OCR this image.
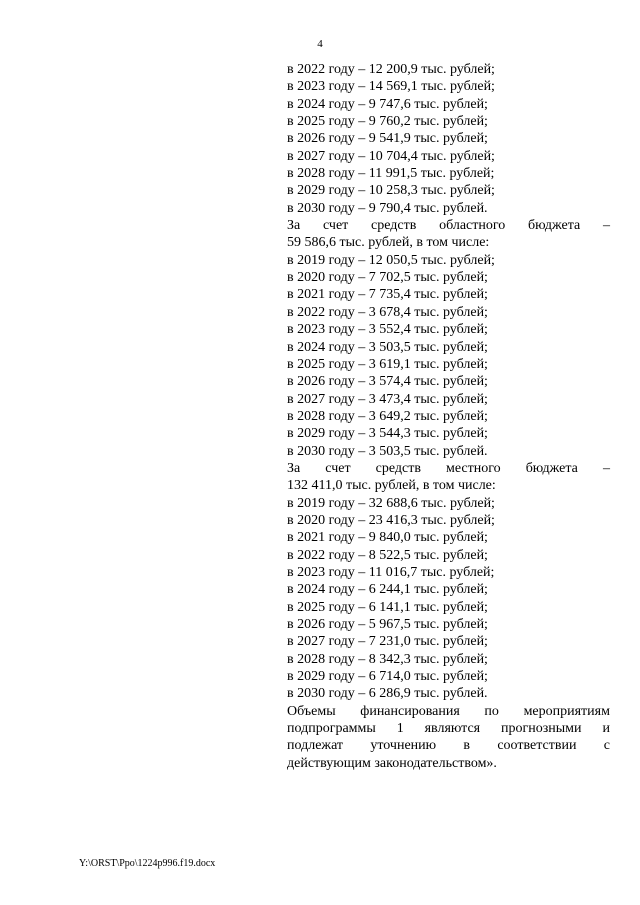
4
в 2022 году – 12 200,9 тыс. рублей;
в 2023 году – 14 569,1 тыс. рублей;
в 2024 году – 9 747,6 тыс. рублей;
в 2025 году – 9 760,2 тыс. рублей;
в 2026 году – 9 541,9 тыс. рублей;
в 2027 году – 10 704,4 тыс. рублей;
в 2028 году – 11 991,5 тыс. рублей;
в 2029 году – 10 258,3 тыс. рублей;
в 2030 году – 9 790,4 тыс. рублей.
За счет средств областного бюджета –
59 586,6 тыс. рублей, в том числе:
в 2019 году – 12 050,5 тыс. рублей;
в 2020 году – 7 702,5 тыс. рублей;
в 2021 году – 7 735,4 тыс. рублей;
в 2022 году – 3 678,4 тыс. рублей;
в 2023 году – 3 552,4 тыс. рублей;
в 2024 году – 3 503,5 тыс. рублей;
в 2025 году – 3 619,1 тыс. рублей;
в 2026 году – 3 574,4 тыс. рублей;
в 2027 году – 3 473,4 тыс. рублей;
в 2028 году – 3 649,2 тыс. рублей;
в 2029 году – 3 544,3 тыс. рублей;
в 2030 году – 3 503,5 тыс. рублей.
За счет средств местного бюджета –
132 411,0 тыс. рублей, в том числе:
в 2019 году – 32 688,6 тыс. рублей;
в 2020 году – 23 416,3 тыс. рублей;
в 2021 году – 9 840,0 тыс. рублей;
в 2022 году – 8 522,5 тыс. рублей;
в 2023 году – 11 016,7 тыс. рублей;
в 2024 году – 6 244,1 тыс. рублей;
в 2025 году – 6 141,1 тыс. рублей;
в 2026 году – 5 967,5 тыс. рублей;
в 2027 году – 7 231,0 тыс. рублей;
в 2028 году – 8 342,3 тыс. рублей;
в 2029 году – 6 714,0 тыс. рублей;
в 2030 году – 6 286,9 тыс. рублей.
Объемы финансирования по мероприятиям
подпрограммы 1 являются прогнозными и
подлежат уточнению в соответствии с
действующим законодательством».
Y:\ORST\Ppo\1224p996.f19.docx
